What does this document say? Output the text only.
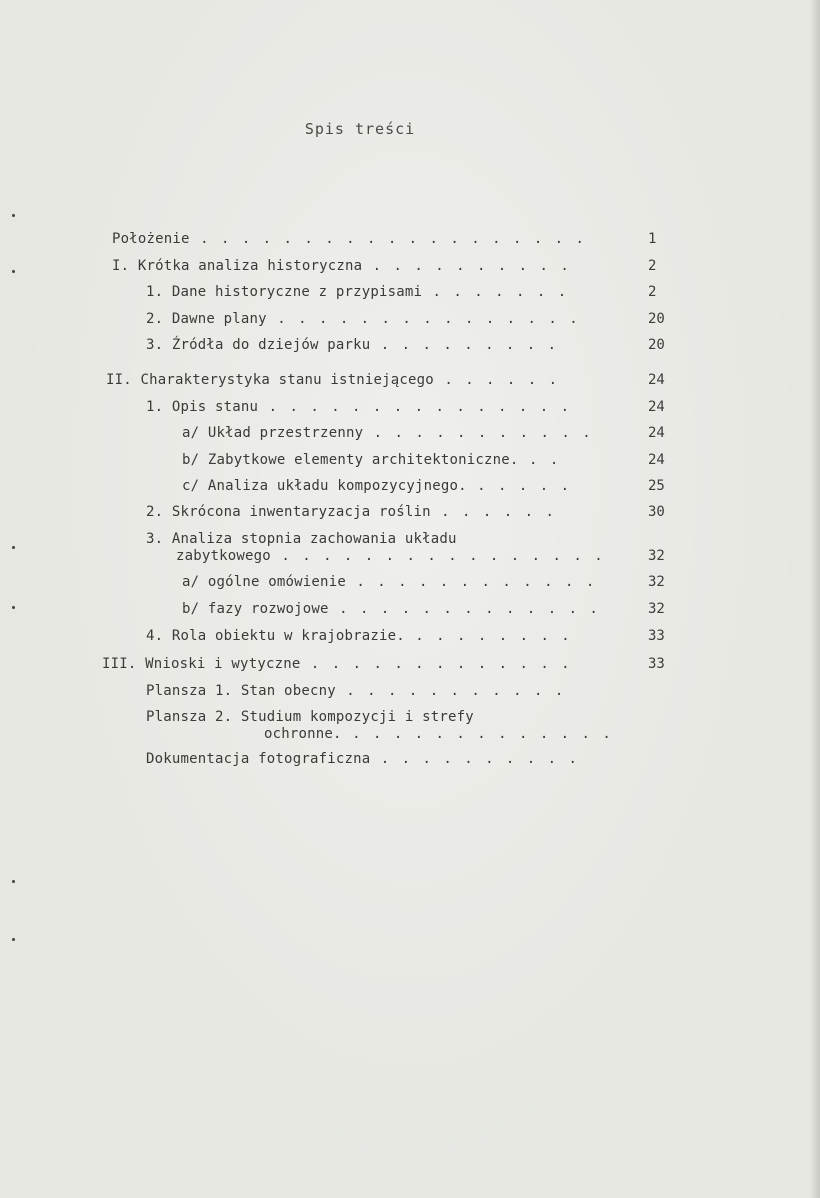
Spis treści
Położenie . . . . . . . . . . . . . . . . . . .	1
I. Krótka analiza historyczna . . . . . . . . . .	2
1. Dane historyczne z przypisami . . . . . . .	2
2. Dawne plany . . . . . . . . . . . . . . .	20
3. Źródła do dziejów parku . . . . . . . . .	20
II. Charakterystyka stanu istniejącego . . . . . .	24
1. Opis stanu . . . . . . . . . . . . . . .	24
a/ Układ przestrzenny . . . . . . . . . . .	24
b/ Zabytkowe elementy architektoniczne. . .	24
c/ Analiza układu kompozycyjnego. . . . . .	25
2. Skrócona inwentaryzacja roślin . . . . . .	30
3. Analiza stopnia zachowania układu
zabytkowego . . . . . . . . . . . . . . . .	32
a/ ogólne omówienie . . . . . . . . . . . .	32
b/ fazy rozwojowe . . . . . . . . . . . . .	32
4. Rola obiektu w krajobrazie. . . . . . . . .	33
III. Wnioski i wytyczne . . . . . . . . . . . . .	33
Plansza 1. Stan obecny . . . . . . . . . . .
Plansza 2. Studium kompozycji i strefy
ochronne. . . . . . . . . . . . . .
Dokumentacja fotograficzna . . . . . . . . . .
